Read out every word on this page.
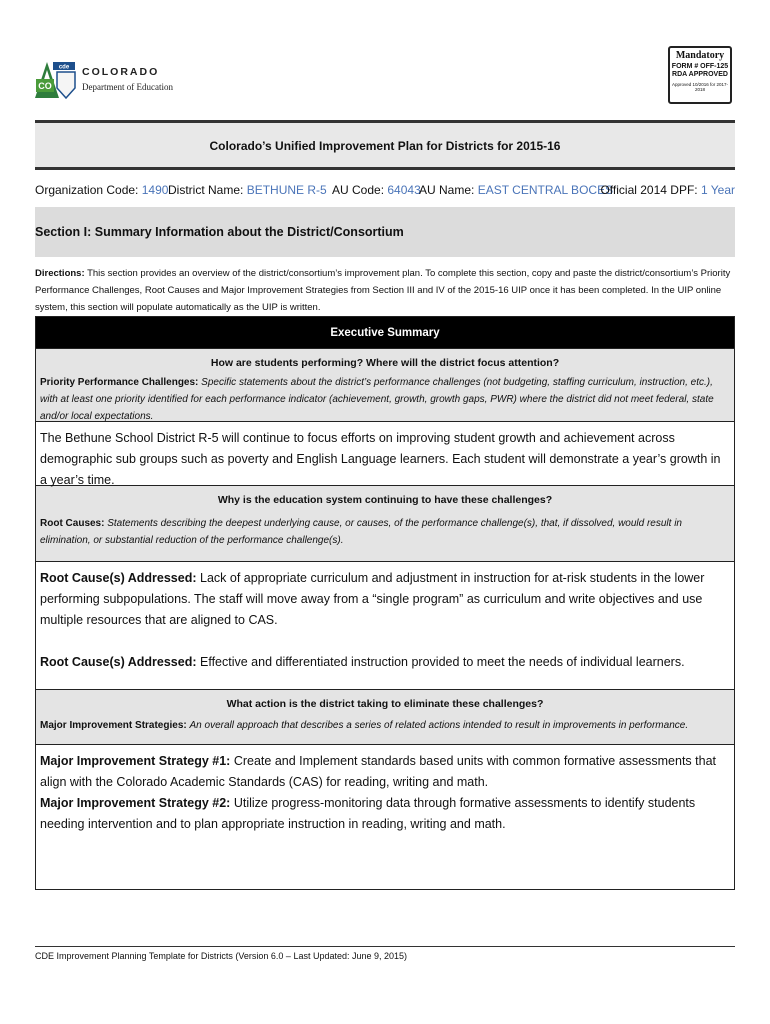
cde
CO
COLORADO
Department of Education
Mandatory
FORM # OFF-125
RDA APPROVED
Approved 10/2016 for 2017-2018
Colorado’s Unified Improvement Plan for Districts for 2015-16
Organization Code: 1490 District Name: BETHUNE R-5 AU Code: 64043
AU Name: EAST CENTRAL BOCES
Official 2014 DPF: 1 Year
Section I: Summary Information about the District/Consortium
Directions: This section provides an overview of the district/consortium’s improvement plan. To complete this section, copy and paste the district/consortium’s Priority Performance Challenges, Root Causes and Major Improvement Strategies from Section III and IV of the 2015-16 UIP once it has been completed. In the UIP online system, this section will populate automatically as the UIP is written.
Executive Summary
How are students performing? Where will the district focus attention?
Priority Performance Challenges: Specific statements about the district’s performance challenges (not budgeting, staffing curriculum, instruction, etc.), with at least one priority identified for each performance indicator (achievement, growth, growth gaps, PWR) where the district did not meet federal, state and/or local expectations.
The Bethune School District R-5 will continue to focus efforts on improving student growth and achievement across demographic sub groups such as poverty and English Language learners. Each student will demonstrate a year’s growth in a year’s time.
Why is the education system continuing to have these challenges?
Root Causes: Statements describing the deepest underlying cause, or causes, of the performance challenge(s), that, if dissolved, would result in elimination, or substantial reduction of the performance challenge(s).
Root Cause(s) Addressed: Lack of appropriate curriculum and adjustment in instruction for at-risk students in the lower performing subpopulations. The staff will move away from a “single program” as curriculum and write objectives and use multiple resources that are aligned to CAS.
Root Cause(s) Addressed: Effective and differentiated instruction provided to meet the needs of individual learners.
What action is the district taking to eliminate these challenges?
Major Improvement Strategies: An overall approach that describes a series of related actions intended to result in improvements in performance.
Major Improvement Strategy #1: Create and Implement standards based units with common formative assessments that align with the Colorado Academic Standards (CAS) for reading, writing and math.
Major Improvement Strategy #2: Utilize progress-monitoring data through formative assessments to identify students needing intervention and to plan appropriate instruction in reading, writing and math.
CDE Improvement Planning Template for Districts (Version 6.0 – Last Updated: June 9, 2015)
